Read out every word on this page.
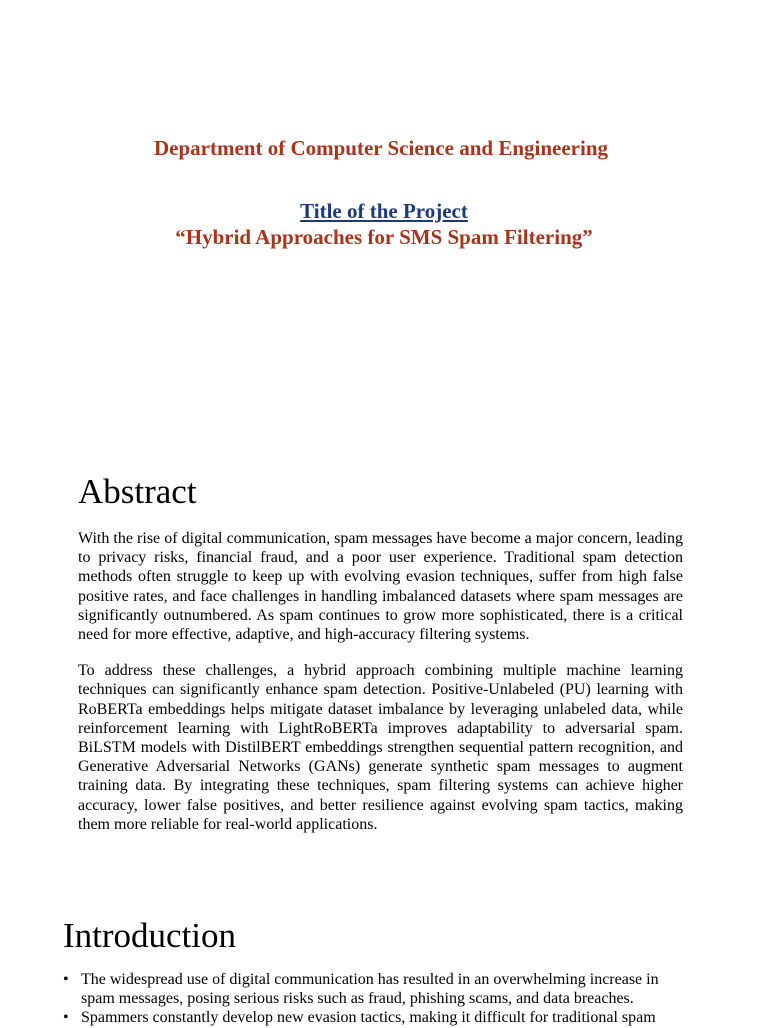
Department of Computer Science and Engineering
Title of the Project
“Hybrid Approaches for SMS Spam Filtering”
Abstract

With the rise of digital communication, spam messages have become a major concern, leading to privacy risks, financial fraud, and a poor user experience. Traditional spam detection methods often struggle to keep up with evolving evasion techniques, suffer from high false positive rates, and face challenges in handling imbalanced datasets where spam messages are significantly outnumbered. As spam continues to grow more sophisticated, there is a critical need for more effective, adaptive, and high-accuracy filtering systems.

To address these challenges, a hybrid approach combining multiple machine learning techniques can significantly enhance spam detection. Positive-Unlabeled (PU) learning with RoBERTa embeddings helps mitigate dataset imbalance by leveraging unlabeled data, while reinforcement learning with LightRoBERTa improves adaptability to adversarial spam. BiLSTM models with DistilBERT embeddings strengthen sequential pattern recognition, and Generative Adversarial Networks (GANs) generate synthetic spam messages to augment training data. By integrating these techniques, spam filtering systems can achieve higher accuracy, lower false positives, and better resilience against evolving spam tactics, making them more reliable for real-world applications.

Introduction
• The widespread use of digital communication has resulted in an overwhelming increase in spam messages, posing serious risks such as fraud, phishing scams, and data breaches.
• Spammers constantly develop new evasion tactics, making it difficult for traditional spam
